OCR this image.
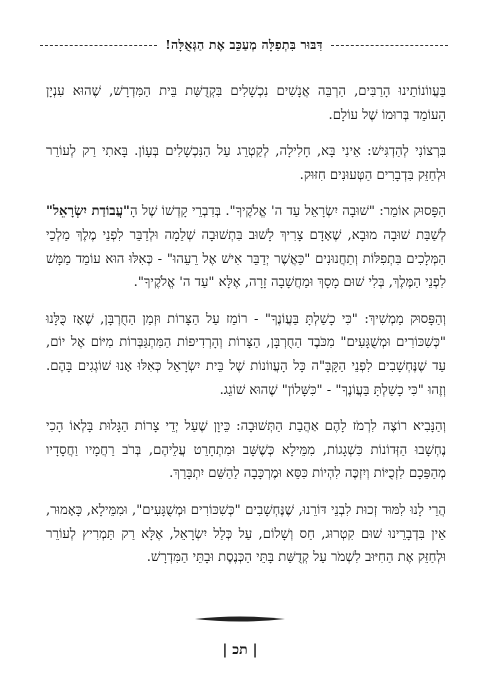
דִּבּוּר בִּתְפִלָּה מְעַכֵּב אֶת הַגְּאֻלָּה!

בַּעֲווֹנוֹתֵינוּ הָרַבִּים, הַרְבֵּה אֲנָשִׁים נִכְשָׁלִים בִּקְדֻשַּׁת בֵּית הַמִּדְרָשׁ, שֶׁהוּא עִנְיָן הָעוֹמֵד בְּרוּמוֹ שֶׁל עוֹלָם.

בִּרְצוֹנִי לְהַדְגִּישׁ: אֵינִי בָּא, חָלִילָה, לְקַטְרֵג עַל הַנִּכְשָׁלִים בְּעָוֹן. בָּאתִי רַק לְעוֹרֵר וּלְחַזֵּק בִּדְבָרִים הַטְּעוּנִים חִזּוּק.

הַפָּסוּק אוֹמֵר: "שׁוּבָה יִשְׂרָאֵל עַד ה' אֱלֹקֶיךָ". בְּדִבְרֵי קָדְשׁוֹ שֶׁל הָ"עֲבוֹדַת יִשְׂרָאֵל" לְשַׁבַּת שׁוּבָה מוּבָא, שֶׁאָדָם צָרִיךְ לָשׁוּב בִּתְשׁוּבָה שְׁלֵמָה וּלְדַבֵּר לִפְנֵי מֶלֶךְ מַלְכֵי הַמְּלָכִים בִּתְפִלּוֹת וְתַחֲנוּנִים "כַּאֲשֶׁר יְדַבֵּר אִישׁ אֶל רֵעֵהוּ" - כְּאִלּוּ הוּא עוֹמֵד מַמָּשׁ לִפְנֵי הַמֶּלֶךְ, בְּלִי שׁוּם מָסָךְ וּמַחֲשָׁבָה זָרָה, אֶלָּא "עַד ה' אֱלֹקֶיךָ".

וְהַפָּסוּק מַמְשִׁיךְ: "כִּי כָשַׁלְתָּ בַּעֲוֹנֶךָ" - רוֹמֵז עַל הַצָּרוֹת וּזְמַן הַחֻרְבָּן, שֶׁאָז כֻּלָּנוּ "כְּשִׁכּוֹרִים וּמְשֻׁגָּעִים" מִכֹּבֶד הַחֻרְבָּן, הַצָּרוֹת וְהָרְדִיפוֹת הַמִּתְגַּבְּרוֹת מִיּוֹם אֶל יוֹם, עַד שֶׁנֶּחְשָׁבִים לִפְנֵי הַקָּבָּ"ה כָּל הָעֲווֹנוֹת שֶׁל בֵּית יִשְׂרָאֵל כְּאִלּוּ אָנוּ שׁוֹגְגִים בָּהֶם. וְזֶהוּ "כִּי כָשַׁלְתָּ בַּעֲוֹנֶךָ" - "כִּשָּׁלוֹן" שֶׁהוּא שׁוֹגֵג.

וְהַנָּבִיא רוֹצֶה לִרְמֹז לָהֶם אַהֲבַת הַתְּשׁוּבָה: כֵּיוָן שֶׁעַל יְדֵי צָרוֹת הַגָּלוּת בָּלְאוֹ הָכִי נֶחְשָׁבוּ הַזְּדוֹנוֹת כִּשְׁגָגוֹת, מִמֵּילָא כְּשֶׁשָּׁב וּמִתְחָרֵט עֲלֵיהֶם, בְּרֹב רַחֲמָיו וַחֲסָדָיו מְהַפֵּכָם לִזְכֻיּוֹת וְיִזְכֶּה לִהְיוֹת כִּסֵּא וּמֶרְכָּבָה לַהַשֵּׁם יִתְבָּרַךְ.

הֲרֵי לָנוּ לִמּוּד זְכוּת לִבְנֵי דּוֹרֵנוּ, שֶׁנֶּחְשָׁבִים "כְּשִׁכּוֹרִים וּמְשֻׁגָּעִים", וּמִמֵּילָא, כָּאָמוּר, אֵין בִּדְבָרֵינוּ שׁוּם קִטְרוּג, חַס וְשָׁלוֹם, עַל כְּלַל יִשְׂרָאֵל, אֶלָּא רַק תַּמְרִיץ לְעוֹרֵר וּלְחַזֵּק אֶת הַחִיּוּב לִשְׁמֹר עַל קְדֻשַּׁת בָּתֵּי הַכְּנֶסֶת וּבָתֵּי הַמִּדְרָשׁ.

| תכ |
